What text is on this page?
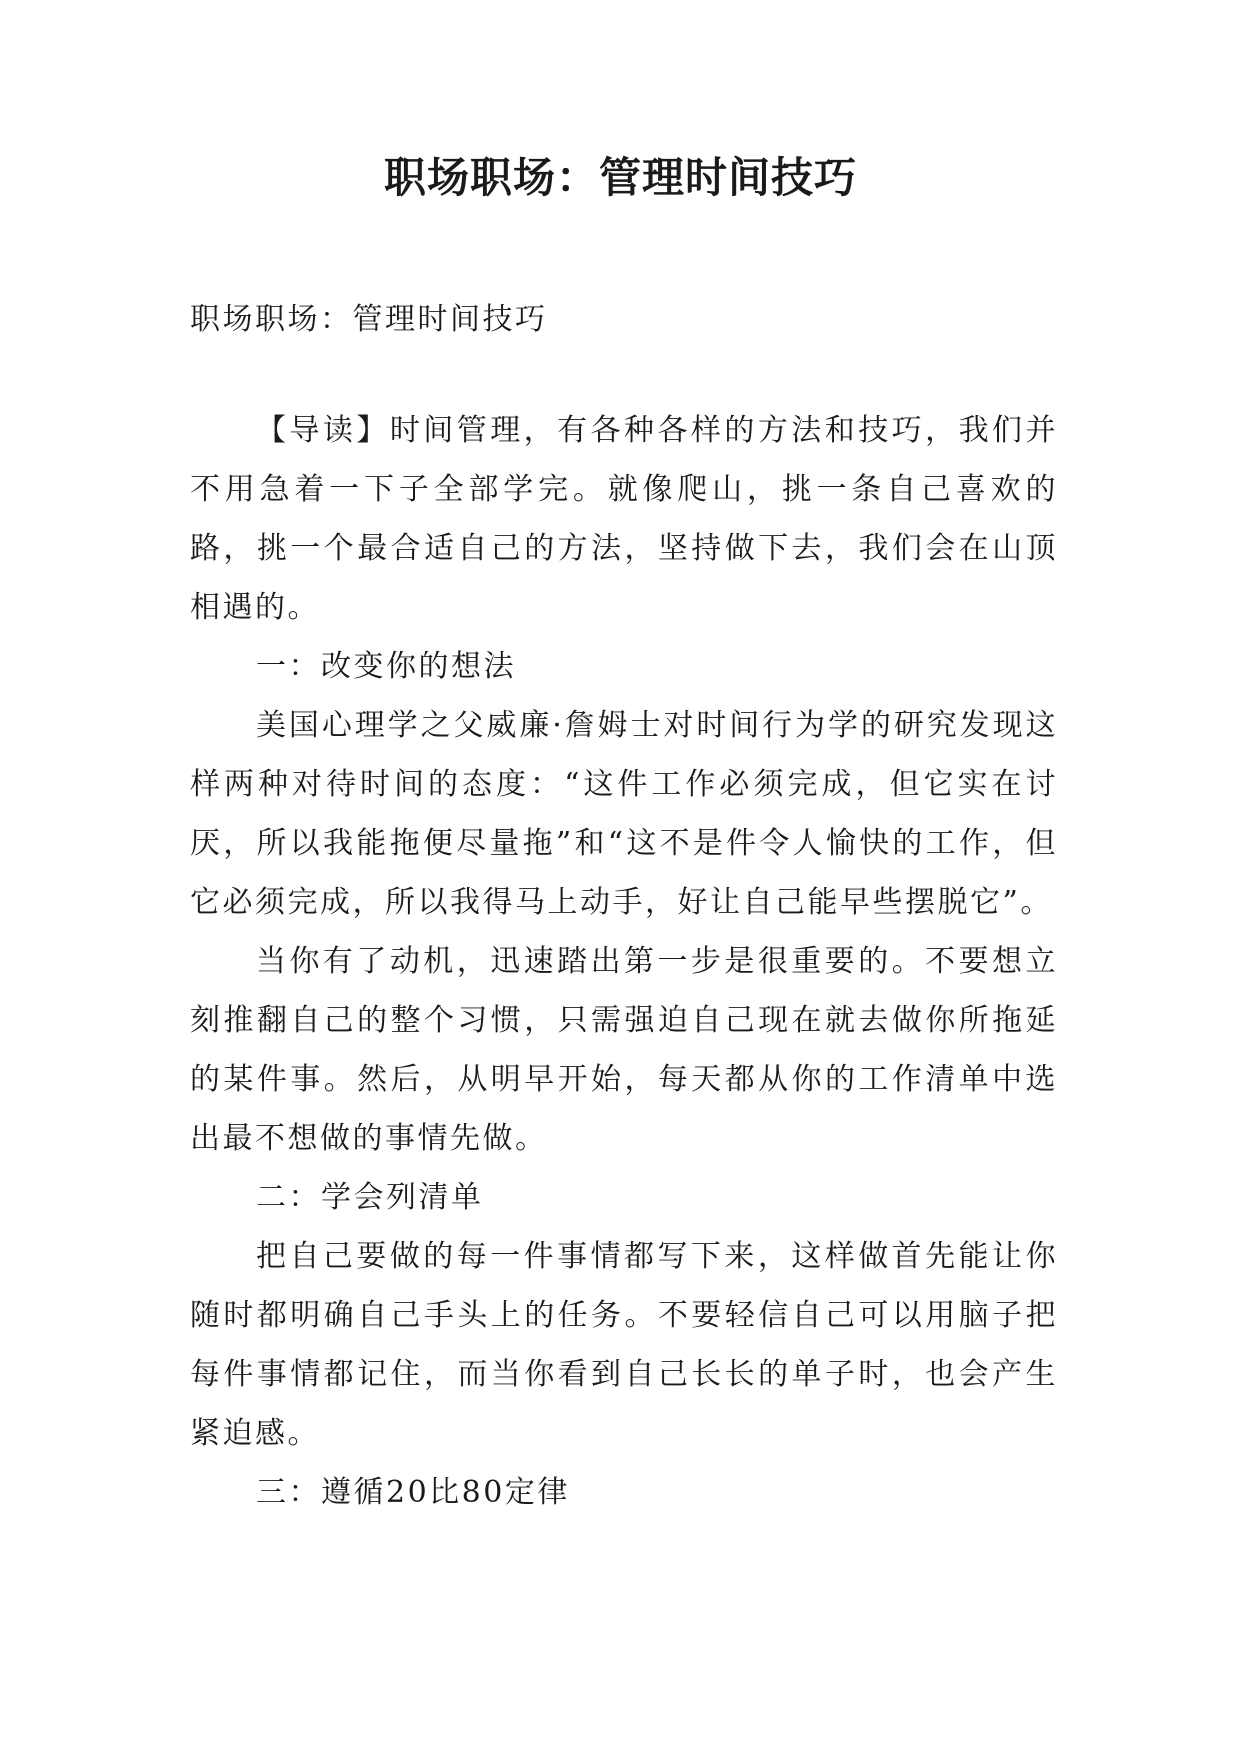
职场职场：管理时间技巧

职场职场：管理时间技巧

【导读】时间管理，有各种各样的方法和技巧，我们并不用急着一下子全部学完。就像爬山，挑一条自己喜欢的路，挑一个最合适自己的方法，坚持做下去，我们会在山顶相遇的。

一：改变你的想法

美国心理学之父威廉·詹姆士对时间行为学的研究发现这样两种对待时间的态度：“这件工作必须完成，但它实在讨厌，所以我能拖便尽量拖”和“这不是件令人愉快的工作，但它必须完成，所以我得马上动手，好让自己能早些摆脱它”。

当你有了动机，迅速踏出第一步是很重要的。不要想立刻推翻自己的整个习惯，只需强迫自己现在就去做你所拖延的某件事。然后，从明早开始，每天都从你的工作清单中选出最不想做的事情先做。

二：学会列清单

把自己要做的每一件事情都写下来，这样做首先能让你随时都明确自己手头上的任务。不要轻信自己可以用脑子把每件事情都记住，而当你看到自己长长的单子时，也会产生紧迫感。

三：遵循20比80定律
